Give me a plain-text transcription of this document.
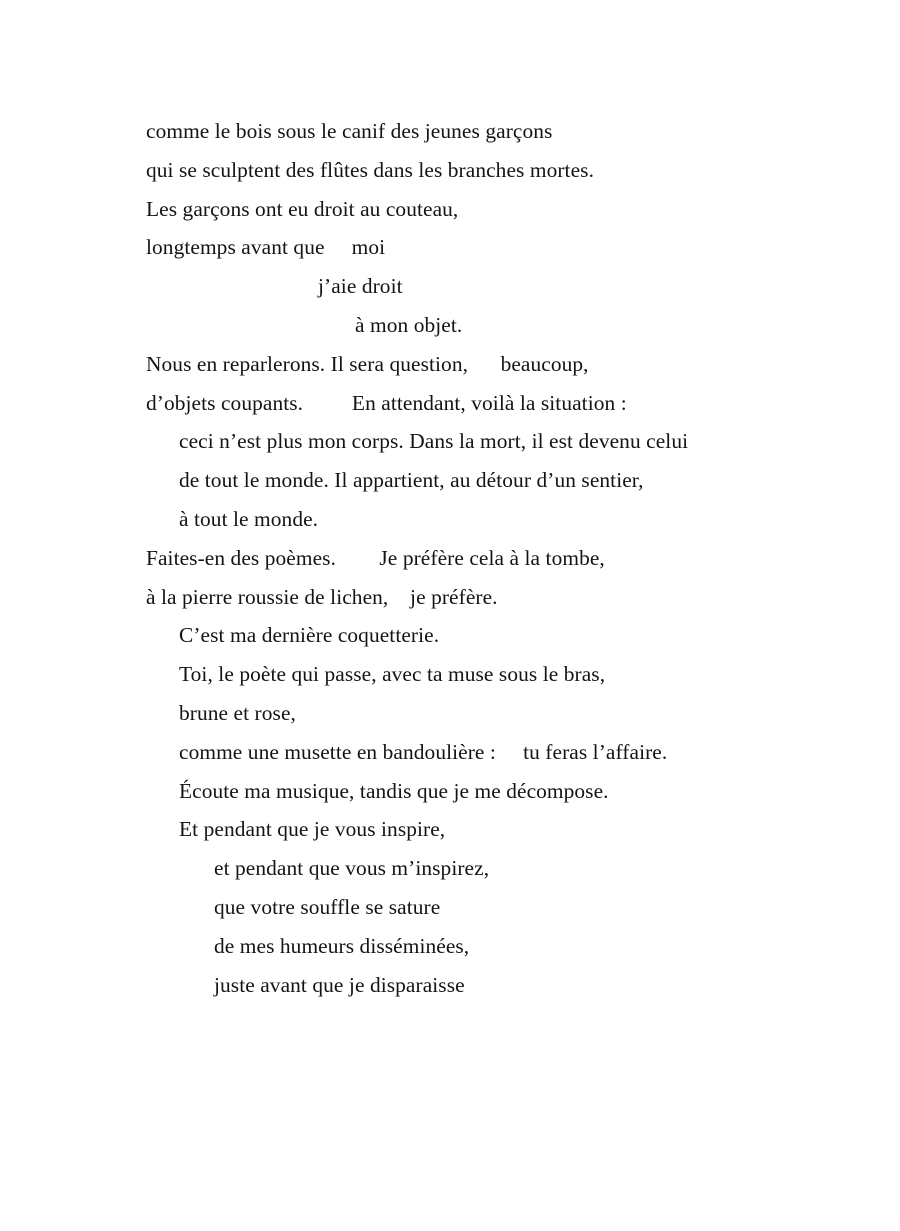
comme le bois sous le canif des jeunes garçons
qui se sculptent des flûtes dans les branches mortes.
Les garçons ont eu droit au couteau,
longtemps avant que     moi
j’aie droit
à mon objet.
Nous en reparlerons. Il sera question,      beaucoup,
d’objets coupants.         En attendant, voilà la situation :
ceci n’est plus mon corps. Dans la mort, il est devenu celui
de tout le monde. Il appartient, au détour d’un sentier,
à tout le monde.
Faites-en des poèmes.        Je préfère cela à la tombe,
à la pierre roussie de lichen,    je préfère.
C’est ma dernière coquetterie.
Toi, le poète qui passe, avec ta muse sous le bras,
brune et rose,
comme une musette en bandoulière :     tu feras l’affaire.
Écoute ma musique, tandis que je me décompose.
Et pendant que je vous inspire,
et pendant que vous m’inspirez,
que votre souffle se sature
de mes humeurs disséminées,
juste avant que je disparaisse
